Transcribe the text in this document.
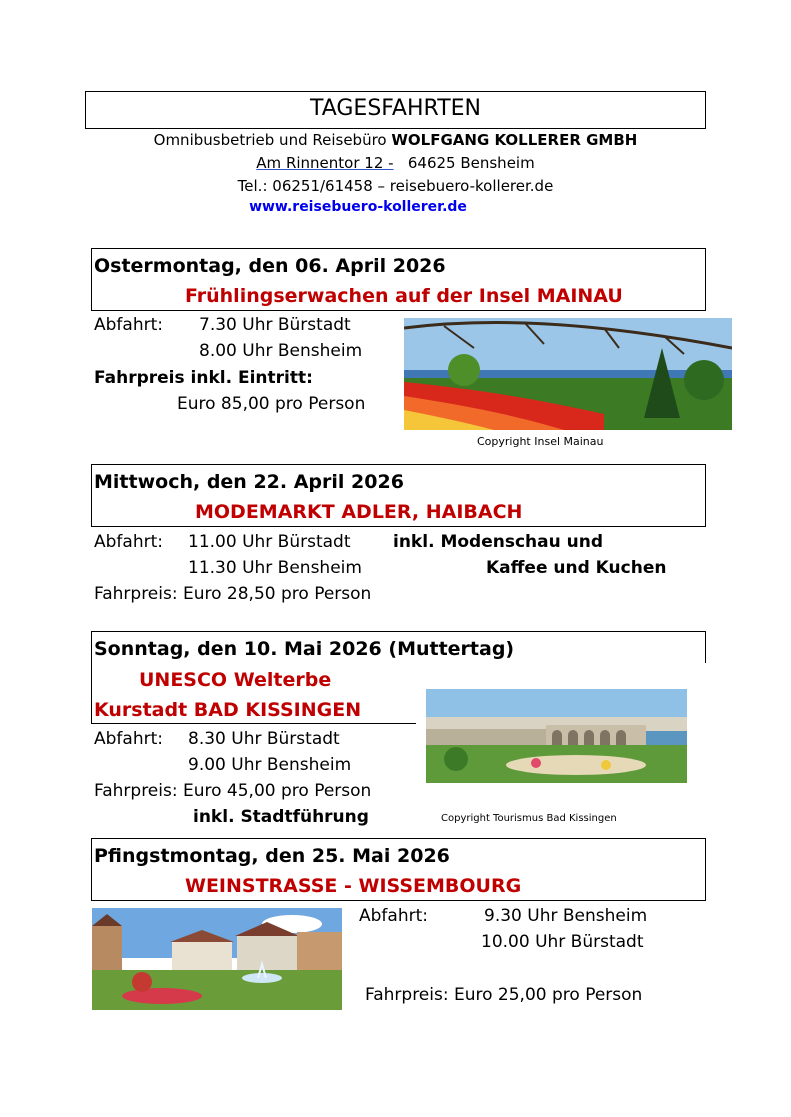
TAGESFAHRTEN
Omnibusbetrieb und Reisebüro WOLFGANG KOLLERER GMBH
Am Rinnentor 12 - 64625 Bensheim
Tel.: 06251/61458 – reisebuero-kollerer.de
www.reisebuero-kollerer.de
Ostermontag, den 06. April 2026
Frühlingserwachen auf der Insel MAINAU
Abfahrt: 7.30 Uhr Bürstadt
8.00 Uhr Bensheim
Fahrpreis inkl. Eintritt:
Euro 85,00 pro Person
Copyright Insel Mainau
Mittwoch, den 22. April 2026
MODEMARKT ADLER, HAIBACH
Abfahrt: 11.00 Uhr Bürstadt
11.30 Uhr Bensheim
inkl. Modenschau und
Kaffee und Kuchen
Fahrpreis: Euro 28,50 pro Person
Sonntag, den 10. Mai 2026 (Muttertag)
UNESCO Welterbe
Kurstadt BAD KISSINGEN
Abfahrt: 8.30 Uhr Bürstadt
9.00 Uhr Bensheim
Fahrpreis: Euro 45,00 pro Person
inkl. Stadtführung	Copyright Tourismus Bad Kissingen
Pfingstmontag, den 25. Mai 2026
WEINSTRASSE - WISSEMBOURG
Abfahrt:	9.30 Uhr Bensheim
10.00 Uhr Bürstadt
Fahrpreis: Euro 25,00 pro Person
